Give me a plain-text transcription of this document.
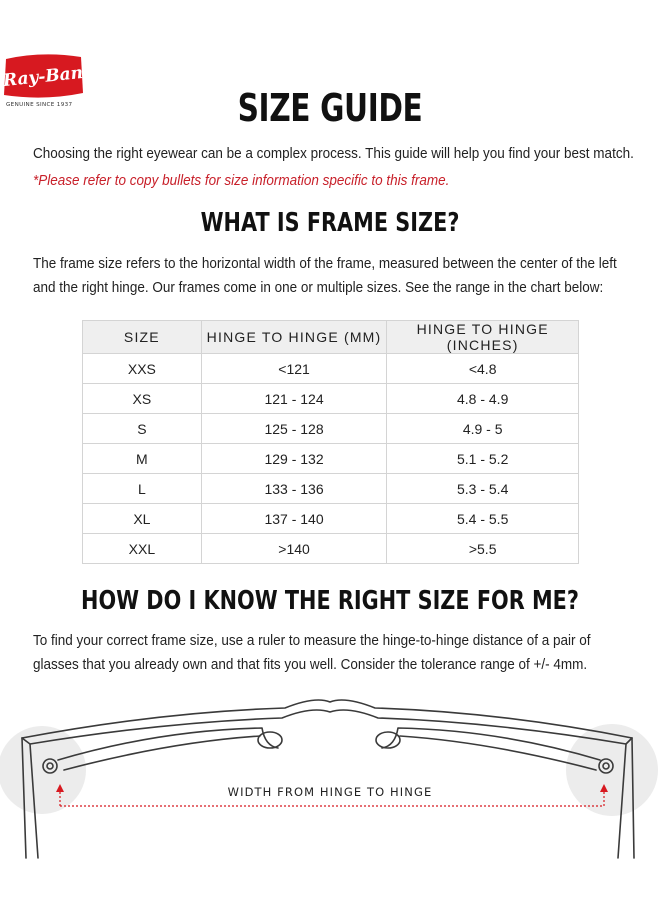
Ray-Ban
GENUINE SINCE 1937	SIZE GUIDE
Choosing the right eyewear can be a complex process. This guide will help you find your best match.
*Please refer to copy bullets for size information specific to this frame.
WHAT IS FRAME SIZE?
The frame size refers to the horizontal width of the frame, measured between the center of the left
and the right hinge. Our frames come in one or multiple sizes. See the range in the chart below:
SIZE	HINGE TO HINGE (MM)	HINGE TO HINGE (INCHES)
XXS	<121	<4.8
XS	121 - 124	4.8 - 4.9
S	125 - 128	4.9 - 5
M	129 - 132	5.1 - 5.2
L	133 - 136	5.3 - 5.4
XL	137 - 140	5.4 - 5.5
XXL	>140	>5.5
HOW DO I KNOW THE RIGHT SIZE FOR ME?
To find your correct frame size, use a ruler to measure the hinge-to-hinge distance of a pair of
glasses that you already own and that fits you well. Consider the tolerance range of +/- 4mm.
WIDTH FROM HINGE TO HINGE
